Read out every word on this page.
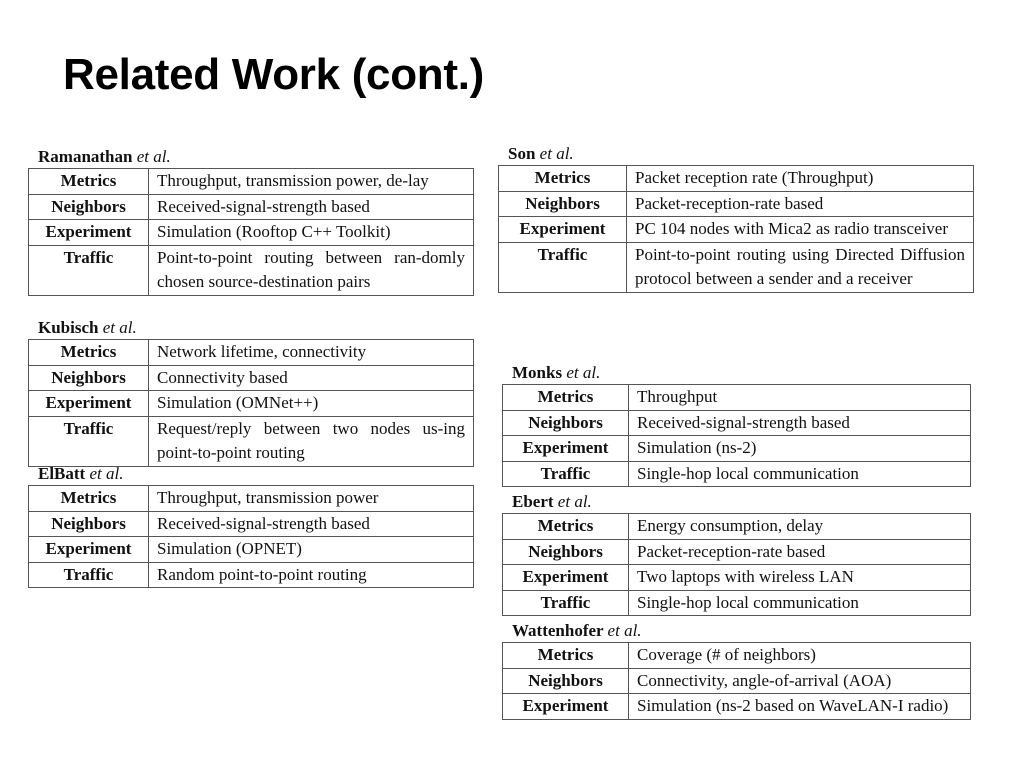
Related Work (cont.)
Ramanathan et al.
Metrics	Throughput, transmission power, de-lay
Neighbors	Received-signal-strength based
Experiment	Simulation (Rooftop C++ Toolkit)
Traffic	Point-to-point routing between ran-domly chosen source-destination pairs
Kubisch et al.
Metrics	Network lifetime, connectivity
Neighbors	Connectivity based
Experiment	Simulation (OMNet++)
Traffic	Request/reply between two nodes us-ing point-to-point routing
ElBatt et al.
Metrics	Throughput, transmission power
Neighbors	Received-signal-strength based
Experiment	Simulation (OPNET)
Traffic	Random point-to-point routing
Son et al.
Metrics	Packet reception rate (Throughput)
Neighbors	Packet-reception-rate based
Experiment	PC 104 nodes with Mica2 as radio transceiver
Traffic	Point-to-point routing using Directed Diffusion protocol between a sender and a receiver
Monks et al.
Metrics	Throughput
Neighbors	Received-signal-strength based
Experiment	Simulation (ns-2)
Traffic	Single-hop local communication
Ebert et al.
Metrics	Energy consumption, delay
Neighbors	Packet-reception-rate based
Experiment	Two laptops with wireless LAN
Traffic	Single-hop local communication
Wattenhofer et al.
Metrics	Coverage (# of neighbors)
Neighbors	Connectivity, angle-of-arrival (AOA)
Experiment	Simulation (ns-2 based on WaveLAN-I radio)
